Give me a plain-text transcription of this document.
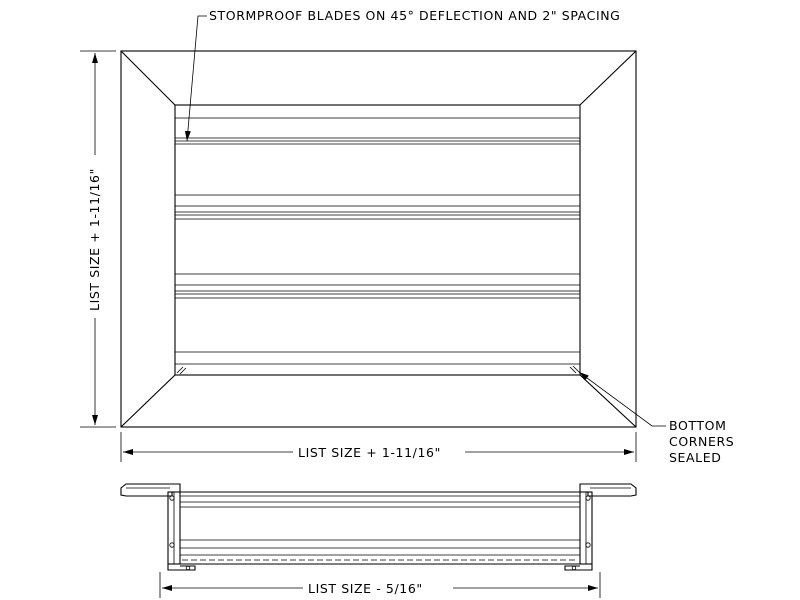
STORMPROOF BLADES ON 45° DEFLECTION AND 2" SPACING
LIST SIZE + 1-11/16"
LIST SIZE + 1-11/16"
BOTTOM
CORNERS
SEALED
LIST SIZE - 5/16"
